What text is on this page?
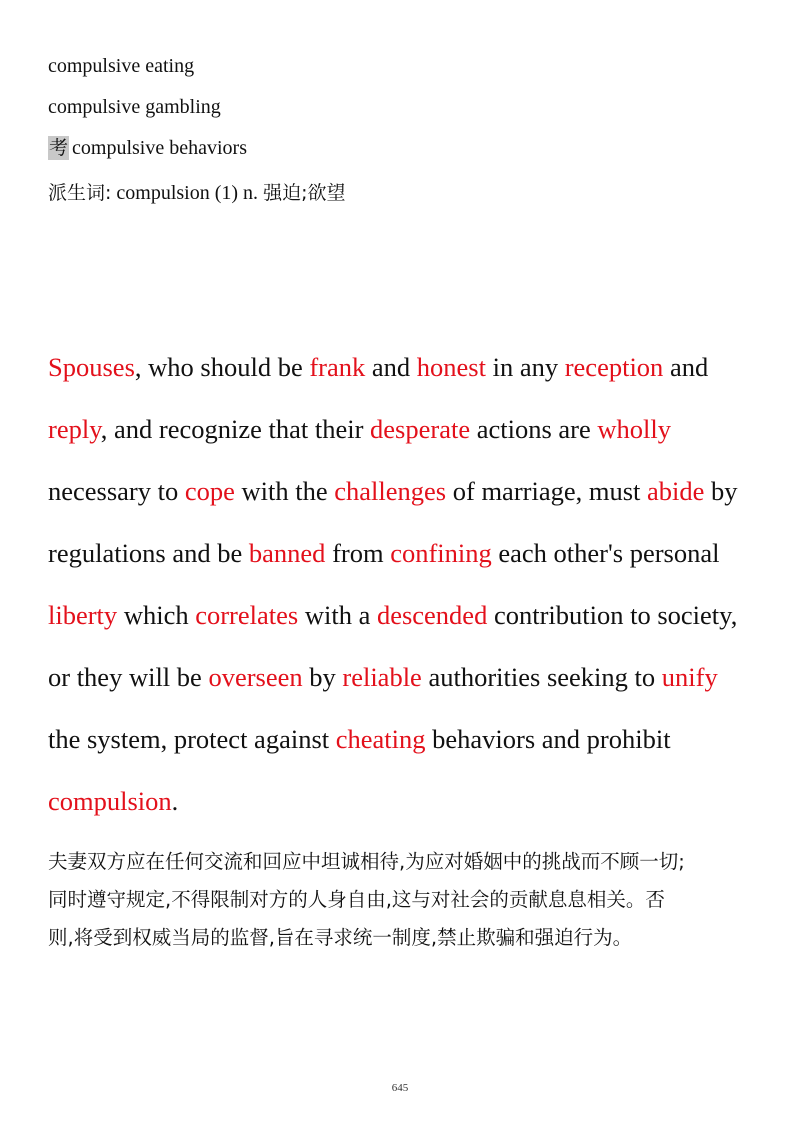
compulsive eating

compulsive gambling

考 compulsive behaviors

派生词: compulsion (1) n. 强迫;欲望

Spouses, who should be frank and honest in any reception and

reply, and recognize that their desperate actions are wholly

necessary to cope with the challenges of marriage, must abide by

regulations and be banned from confining each other's personal

liberty which correlates with a descended contribution to society,

or they will be overseen by reliable authorities seeking to unify

the system, protect against cheating behaviors and prohibit

compulsion.

夫妻双方应在任何交流和回应中坦诚相待,为应对婚姻中的挑战而不顾一切;

同时遵守规定,不得限制对方的人身自由,这与对社会的贡献息息相关。否

则,将受到权威当局的监督,旨在寻求统一制度,禁止欺骗和强迫行为。

645
